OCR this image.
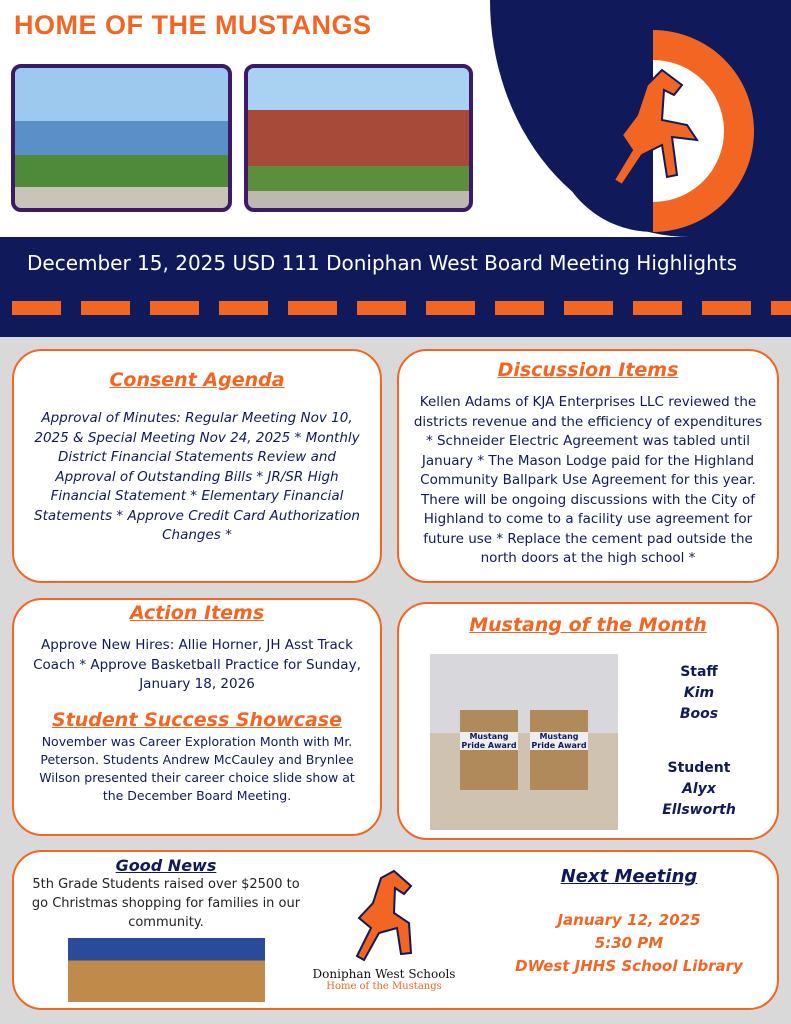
HOME OF THE MUSTANGS
December 15, 2025 USD 111 Doniphan West Board Meeting Highlights
Consent Agenda
Approval of Minutes: Regular Meeting Nov 10, 2025 & Special Meeting Nov 24, 2025 * Monthly District Financial Statements Review and Approval of Outstanding Bills * JR/SR High Financial Statement * Elementary Financial Statements * Approve Credit Card Authorization Changes *
Discussion Items
Kellen Adams of KJA Enterprises LLC reviewed the districts revenue and the efficiency of expenditures * Schneider Electric Agreement was tabled until January * The Mason Lodge paid for the Highland Community Ballpark Use Agreement for this year. There will be ongoing discussions with the City of Highland to come to a facility use agreement for future use * Replace the cement pad outside the north doors at the high school *
Action Items
Approve New Hires: Allie Horner, JH Asst Track Coach * Approve Basketball Practice for Sunday, January 18, 2026
Student Success Showcase
November was Career Exploration Month with Mr. Peterson. Students Andrew McCauley and Brynlee Wilson presented their career choice slide show at the December Board Meeting.
Mustang of the Month
Mustang Pride Award
Mustang Pride Award
Staff
Kim
Boos
Student
Alyx
Ellsworth
Good News
5th Grade Students raised over $2500 to go Christmas shopping for families in our community.
Doniphan West Schools
Home of the Mustangs
Next Meeting
January 12, 2025
5:30 PM
DWest JHHS School Library
